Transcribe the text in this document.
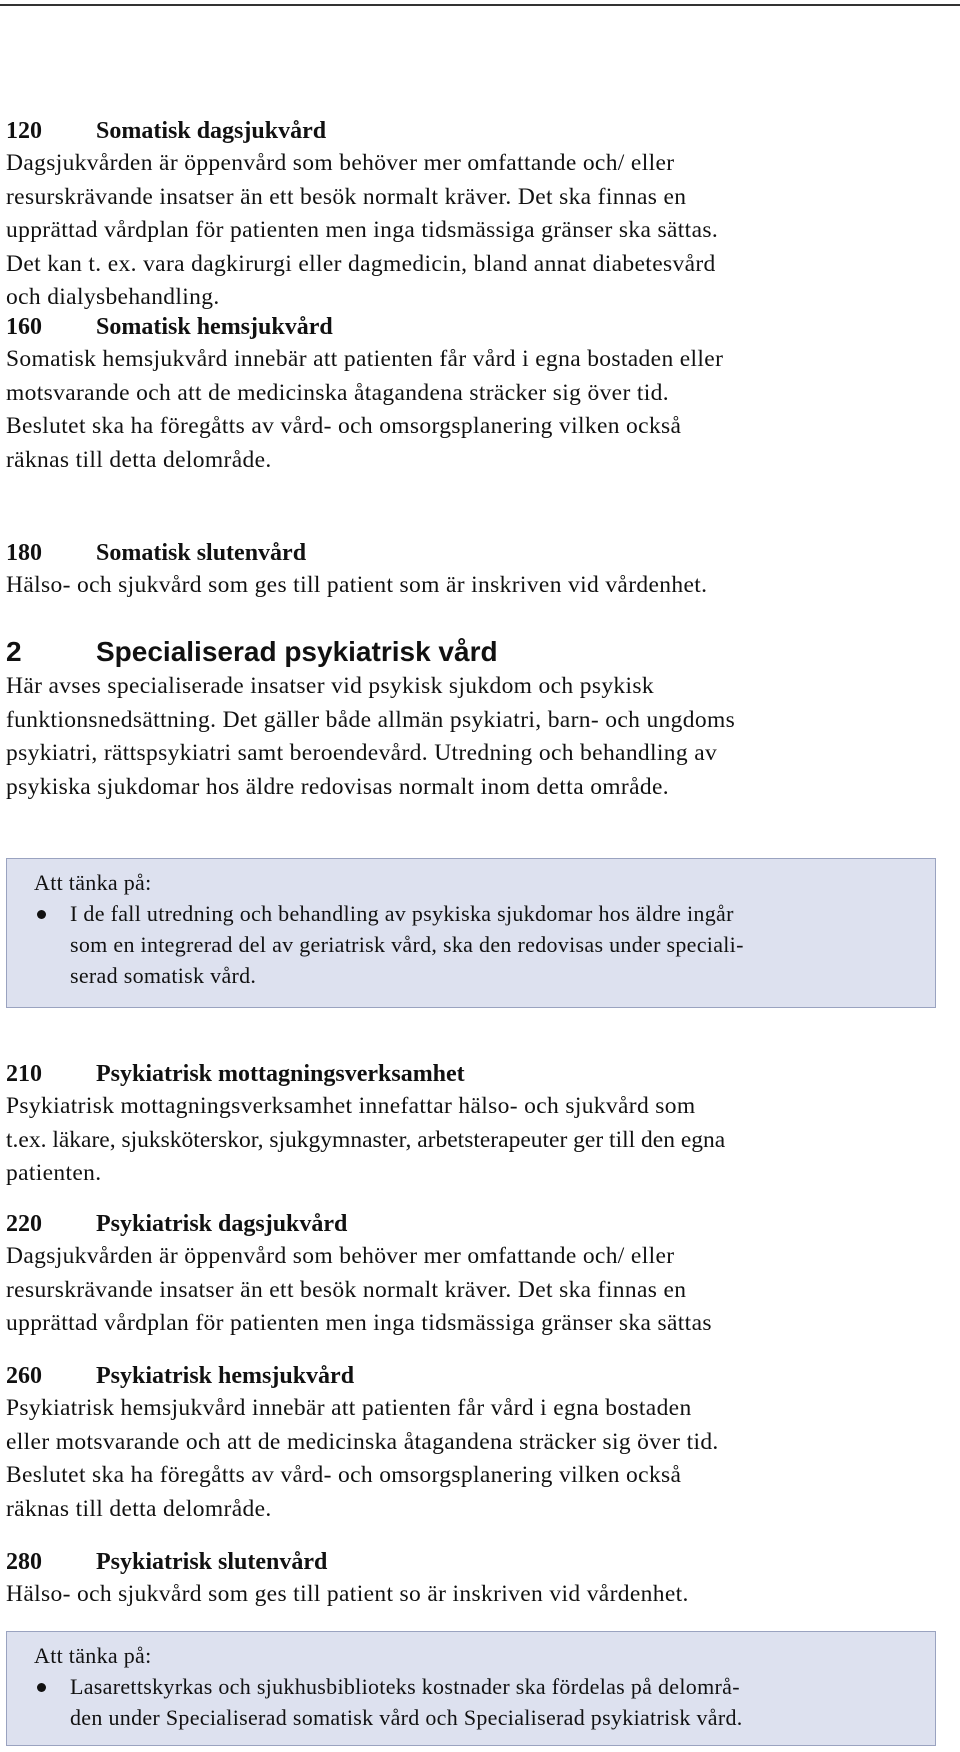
120 Somatisk dagsjukvård
Dagsjukvården är öppenvård som behöver mer omfattande och/ eller
resurskrävande insatser än ett besök normalt kräver. Det ska finnas en
upprättad vårdplan för patienten men inga tidsmässiga gränser ska sättas.
Det kan t. ex. vara dagkirurgi eller dagmedicin, bland annat diabetesvård
och dialysbehandling.
160 Somatisk hemsjukvård
Somatisk hemsjukvård innebär att patienten får vård i egna bostaden eller
motsvarande och att de medicinska åtagandena sträcker sig över tid.
Beslutet ska ha föregåtts av vård- och omsorgsplanering vilken också
räknas till detta delområde.
180 Somatisk slutenvård
Hälso- och sjukvård som ges till patient som är inskriven vid vårdenhet.
2	Specialiserad psykiatrisk vård
Här avses specialiserade insatser vid psykisk sjukdom och psykisk
funktionsnedsättning. Det gäller både allmän psykiatri, barn- och ungdoms
psykiatri, rättspsykiatri samt beroendevård. Utredning och behandling av
psykiska sjukdomar hos äldre redovisas normalt inom detta område.
Att tänka på:
I de fall utredning och behandling av psykiska sjukdomar hos äldre ingår
som en integrerad del av geriatrisk vård, ska den redovisas under speciali-
serad somatisk vård.
210 Psykiatrisk mottagningsverksamhet
Psykiatrisk mottagningsverksamhet innefattar hälso- och sjukvård som
t.ex. läkare, sjuksköterskor, sjukgymnaster, arbetsterapeuter ger till den egna
patienten.
220 Psykiatrisk dagsjukvård
Dagsjukvården är öppenvård som behöver mer omfattande och/ eller
resurskrävande insatser än ett besök normalt kräver. Det ska finnas en
upprättad vårdplan för patienten men inga tidsmässiga gränser ska sättas
260 Psykiatrisk hemsjukvård
Psykiatrisk hemsjukvård innebär att patienten får vård i egna bostaden
eller motsvarande och att de medicinska åtagandena sträcker sig över tid.
Beslutet ska ha föregåtts av vård- och omsorgsplanering vilken också
räknas till detta delområde.
280 Psykiatrisk slutenvård
Hälso- och sjukvård som ges till patient so är inskriven vid vårdenhet.
Att tänka på:
Lasarettskyrkas och sjukhusbiblioteks kostnader ska fördelas på delområ-
den under Specialiserad somatisk vård och Specialiserad psykiatrisk vård.
